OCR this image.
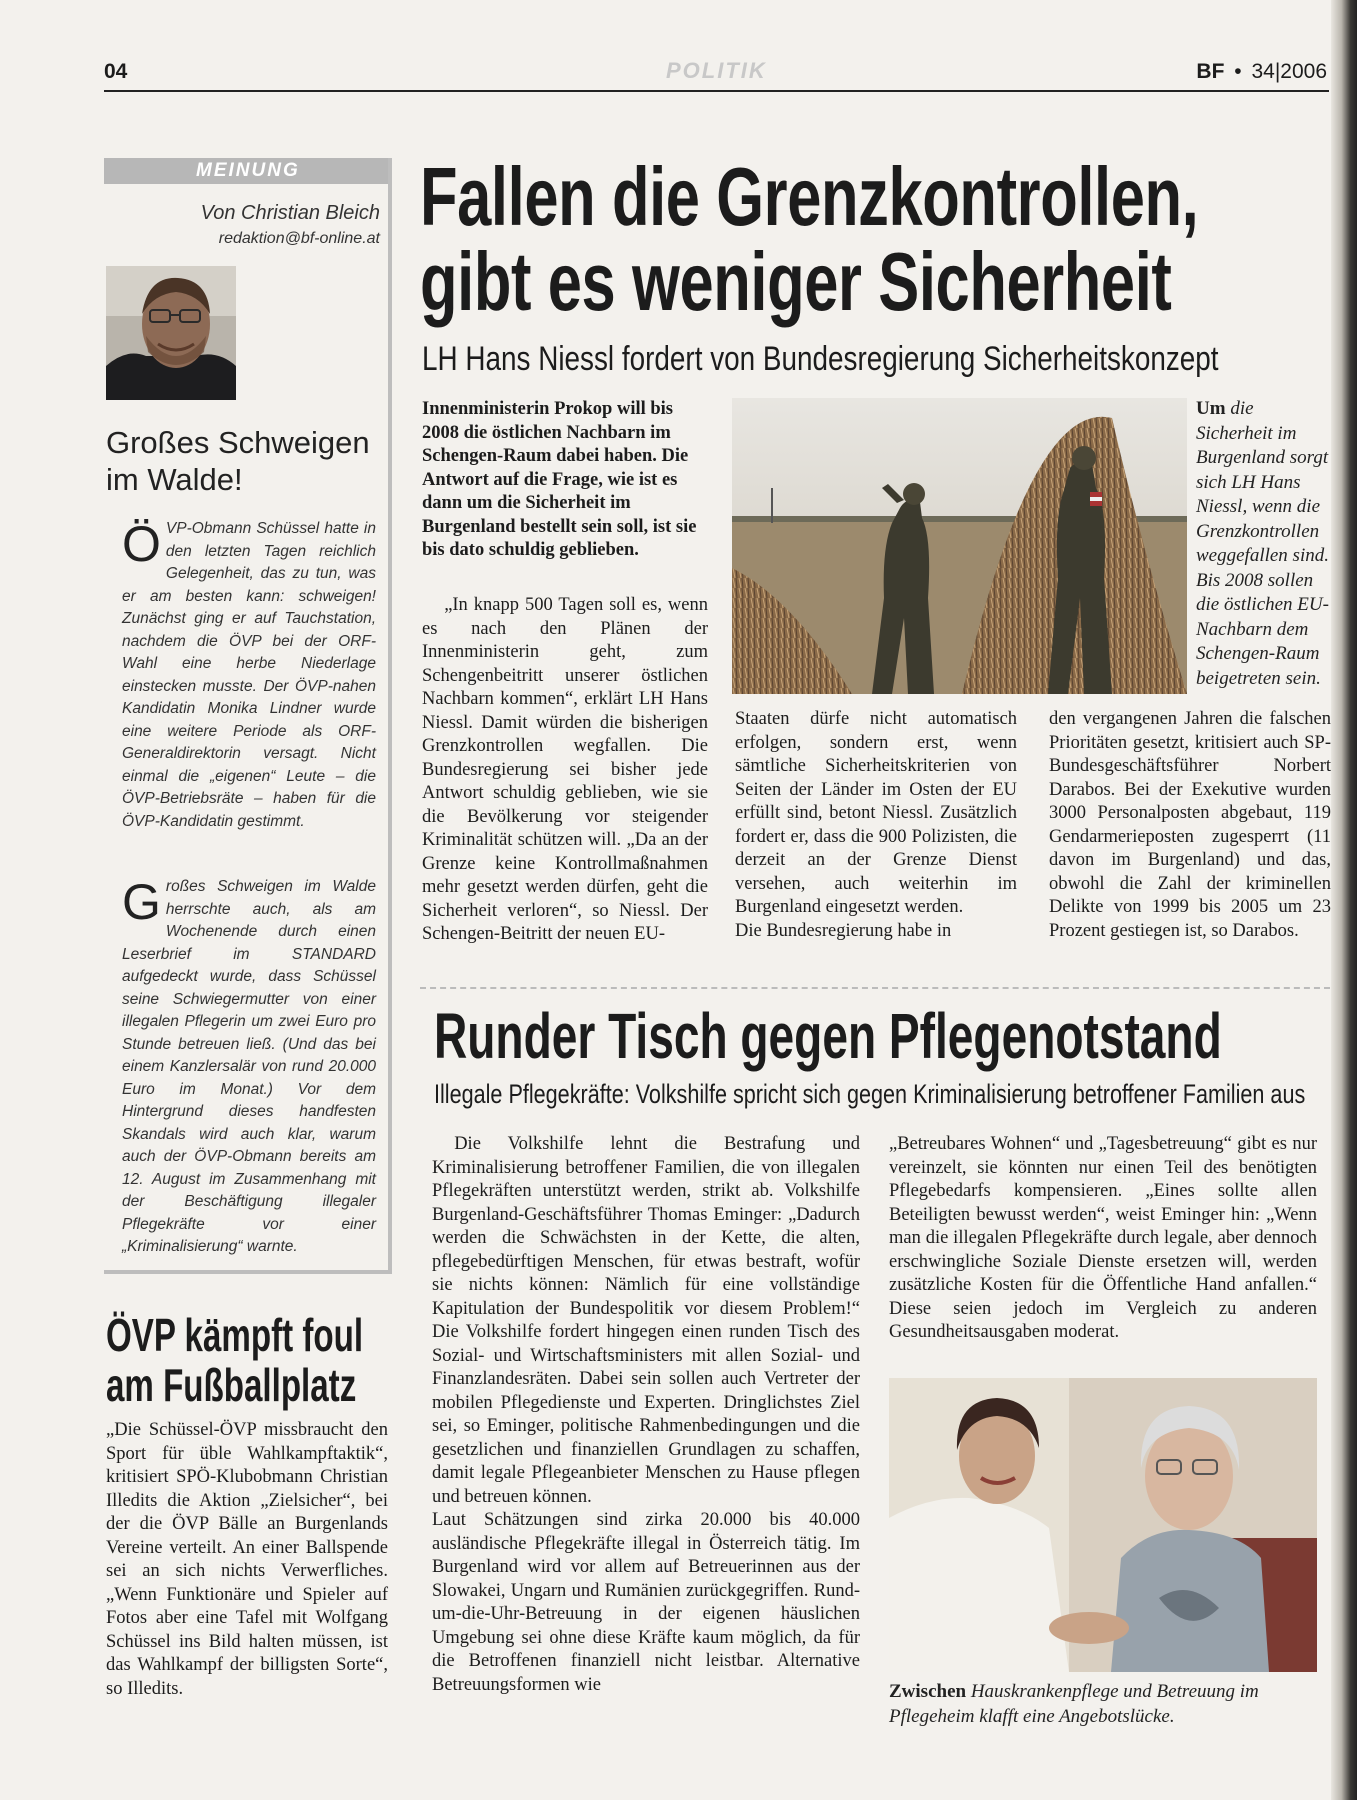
04	POLITIK	BF • 34|2006
MEINUNG
Von Christian Bleich
redaktion@bf-online.at
Großes Schweigen
im Walde!
ÖVP-Obmann Schüssel hatte in den letzten Tagen reichlich Gelegenheit, das zu tun, was er am besten kann: schweigen! Zunächst ging er auf Tauchstation, nachdem die ÖVP bei der ORF-Wahl eine herbe Niederlage einstecken musste. Der ÖVP-nahen Kandidatin Monika Lindner wurde eine weitere Periode als ORF-Generaldirektorin versagt. Nicht einmal die „eigenen“ Leute – die ÖVP-Betriebsräte – haben für die ÖVP-Kandidatin gestimmt.
Großes Schweigen im Walde herrschte auch, als am Wochenende durch einen Leserbrief im STANDARD aufgedeckt wurde, dass Schüssel seine Schwiegermutter von einer illegalen Pflegerin um zwei Euro pro Stunde betreuen ließ. (Und das bei einem Kanzlersalär von rund 20.000 Euro im Monat.) Vor dem Hintergrund dieses handfesten Skandals wird auch klar, warum auch der ÖVP-Obmann bereits am 12. August im Zusammenhang mit der Beschäftigung illegaler Pflegekräfte vor einer „Kriminalisierung“ warnte.
ÖVP kämpft foul
am Fußballplatz
„Die Schüssel-ÖVP missbraucht den Sport für üble Wahlkampftaktik“, kritisiert SPÖ-Klubobmann Christian Illedits die Aktion „Zielsicher“, bei der die ÖVP Bälle an Burgenlands Vereine verteilt. An einer Ballspende sei an sich nichts Verwerfliches. „Wenn Funktionäre und Spieler auf Fotos aber eine Tafel mit Wolfgang Schüssel ins Bild halten müssen, ist das Wahlkampf der billigsten Sorte“, so Illedits.
Fallen die Grenzkontrollen,
gibt es weniger Sicherheit
LH Hans Niessl fordert von Bundesregierung Sicherheitskonzept
Innenministerin Prokop will bis 2008 die östlichen Nachbarn im Schengen-Raum dabei haben. Die Antwort auf die Frage, wie ist es dann um die Sicherheit im Burgenland bestellt sein soll, ist sie bis dato schuldig geblieben.
Um die Sicherheit im Burgenland sorgt sich LH Hans Niessl, wenn die Grenzkontrollen weggefallen sind. Bis 2008 sollen die östlichen EU-Nachbarn dem Schengen-Raum beigetreten sein.

„In knapp 500 Tagen soll es, wenn es nach den Plänen der Innenministerin geht, zum Schengenbeitritt unserer östlichen Nachbarn kommen“, erklärt LH Hans Niessl. Damit würden die bisherigen Grenzkontrollen wegfallen. Die Bundesregierung sei bisher jede Antwort schuldig geblieben, wie sie die Bevölkerung vor steigender Kriminalität schützen will. „Da an der Grenze keine Kontrollmaßnahmen mehr gesetzt werden dürfen, geht die Sicherheit verloren“, so Niessl. Der Schengen-Beitritt der neuen EU-

Staaten dürfe nicht automatisch erfolgen, sondern erst, wenn sämtliche Sicherheitskriterien von Seiten der Länder im Osten der EU erfüllt sind, betont Niessl. Zusätzlich fordert er, dass die 900 Polizisten, die derzeit an der Grenze Dienst versehen, auch weiterhin im Burgenland eingesetzt werden.

Die Bundesregierung habe in

den vergangenen Jahren die falschen Prioritäten gesetzt, kritisiert auch SP-Bundesgeschäftsführer Norbert Darabos. Bei der Exekutive wurden 3000 Personalposten abgebaut, 119 Gendarmerieposten zugesperrt (11 davon im Burgenland) und das, obwohl die Zahl der kriminellen Delikte von 1999 bis 2005 um 23 Prozent gestiegen ist, so Darabos.

Runder Tisch gegen Pflegenotstand
Illegale Pflegekräfte: Volkshilfe spricht sich gegen Kriminalisierung betroffener Familien aus

Die Volkshilfe lehnt die Bestrafung und Kriminalisierung betroffener Familien, die von illegalen Pflegekräften unterstützt werden, strikt ab. Volkshilfe Burgenland-Geschäftsführer Thomas Eminger: „Dadurch werden die Schwächsten in der Kette, die alten, pflegebedürftigen Menschen, für etwas bestraft, wofür sie nichts können: Nämlich für eine vollständige Kapitulation der Bundespolitik vor diesem Problem!“ Die Volkshilfe fordert hingegen einen runden Tisch des Sozial- und Wirtschaftsministers mit allen Sozial- und Finanzlandesräten. Dabei sein sollen auch Vertreter der mobilen Pflegedienste und Experten. Dringlichstes Ziel sei, so Eminger, politische Rahmenbedingungen und die gesetzlichen und finanziellen Grundlagen zu schaffen, damit legale Pflegeanbieter Menschen zu Hause pflegen und betreuen können.

Laut Schätzungen sind zirka 20.000 bis 40.000 ausländische Pflegekräfte illegal in Österreich tätig. Im Burgenland wird vor allem auf Betreuerinnen aus der Slowakei, Ungarn und Rumänien zurückgegriffen. Rund-um-die-Uhr-Betreuung in der eigenen häuslichen Umgebung sei ohne diese Kräfte kaum möglich, da für die Betroffenen finanziell nicht leistbar. Alternative Betreuungsformen wie

„Betreubares Wohnen“ und „Tagesbetreuung“ gibt es nur vereinzelt, sie könnten nur einen Teil des benötigten Pflegebedarfs kompensieren. „Eines sollte allen Beteiligten bewusst werden“, weist Eminger hin: „Wenn man die illegalen Pflegekräfte durch legale, aber dennoch erschwingliche Soziale Dienste ersetzen will, werden zusätzliche Kosten für die Öffentliche Hand anfallen.“ Diese seien jedoch im Vergleich zu anderen Gesundheitsausgaben moderat.

Zwischen Hauskrankenpflege und Betreuung im Pflegeheim klafft eine Angebotslücke.
